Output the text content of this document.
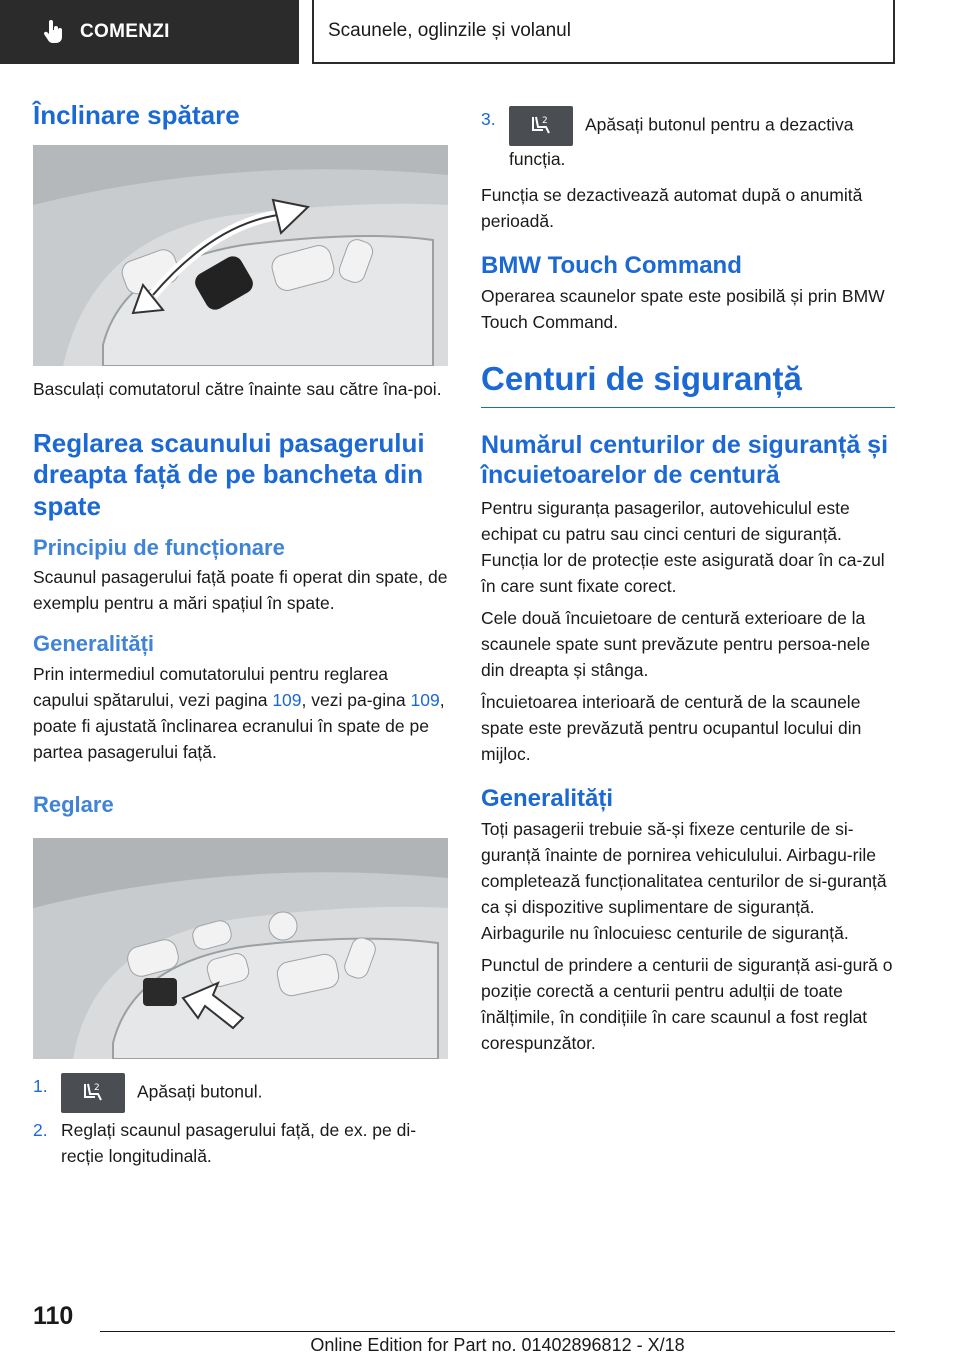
COMENZI	Scaunele, oglinzile și volanul
Înclinare spătare

Basculați comutatorul către înainte sau către îna-poi.

Reglarea scaunului pasagerului dreapta față de pe bancheta din spate
Principiu de funcționare

Scaunul pasagerului față poate fi operat din spate, de exemplu pentru a mări spațiul în spate.

Generalități

Prin intermediul comutatorului pentru reglarea capului spătarului, vezi pagina 109, vezi pa-gina 109, poate fi ajustată înclinarea ecranului în spate de pe partea pasagerului față.

Reglare
1.	2 Apăsați butonul.
2. Reglați scaunul pasagerului față, de ex. pe di-recție longitudinală.
3.	2 Apăsați butonul pentru a dezactiva funcția.

Funcția se dezactivează automat după o anumită perioadă.

BMW Touch Command

Operarea scaunelor spate este posibilă și prin BMW Touch Command.

Centuri de siguranță
Numărul centurilor de siguranță și încuietoarelor de centură

Pentru siguranța pasagerilor, autovehiculul este echipat cu patru sau cinci centuri de siguranță. Funcția lor de protecție este asigurată doar în ca-zul în care sunt fixate corect.

Cele două încuietoare de centură exterioare de la scaunele spate sunt prevăzute pentru persoa-nele din dreapta și stânga.

Încuietoarea interioară de centură de la scaunele spate este prevăzută pentru ocupantul locului din mijloc.

Generalități

Toți pasagerii trebuie să-și fixeze centurile de si-guranță înainte de pornirea vehiculului. Airbagu-rile completează funcționalitatea centurilor de si-guranță ca și dispozitive suplimentare de siguranță. Airbagurile nu înlocuiesc centurile de siguranță.

Punctul de prindere a centurii de siguranță asi-gură o poziție corectă a centurii pentru adulții de toate înălțimile, în condițiile în care scaunul a fost reglat corespunzător.

110
Online Edition for Part no. 01402896812 - X/18
